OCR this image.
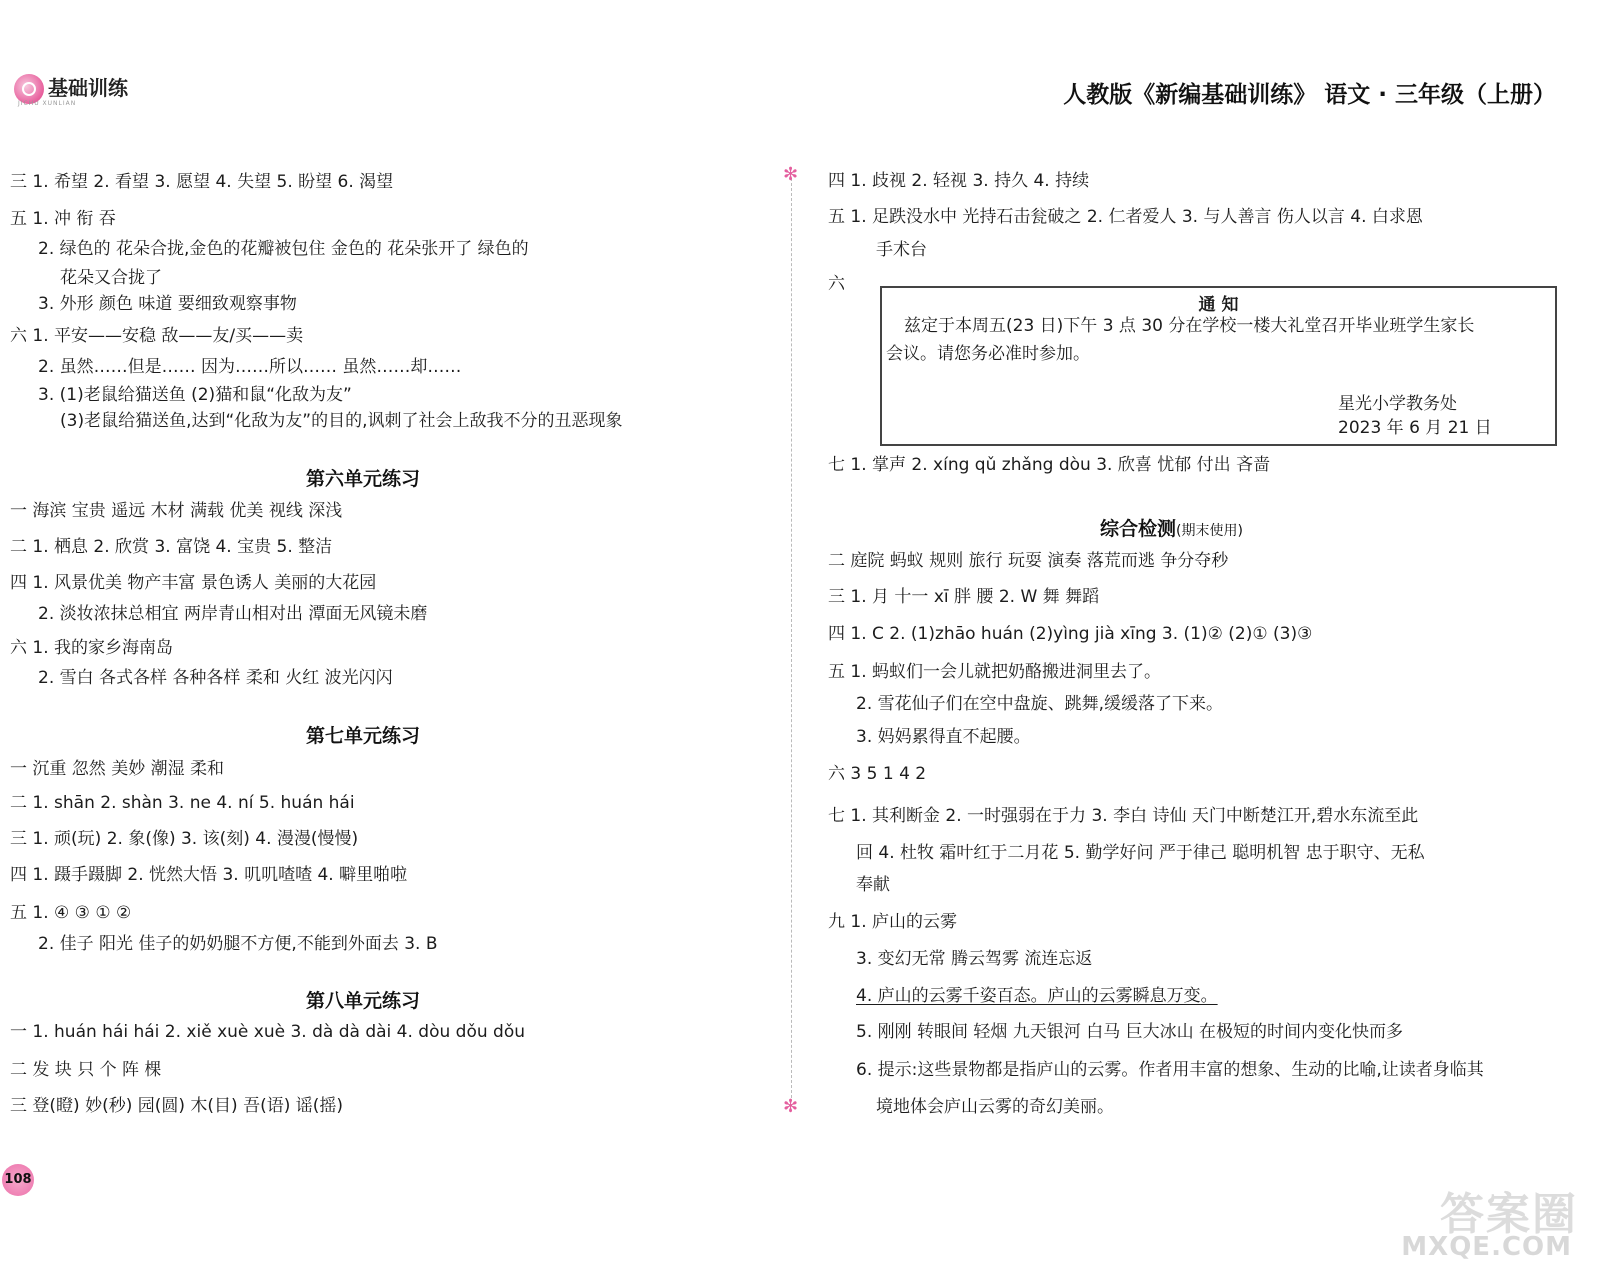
基础训练
JICHU XUNLIAN	人教版《新编基础训练》 语文 · 三年级（上册）
三 1. 希望 2. 看望 3. 愿望 4. 失望 5. 盼望 6. 渴望
五 1. 冲 衔 吞
2. 绿色的 花朵合拢,金色的花瓣被包住 金色的 花朵张开了 绿色的
花朵又合拢了
3. 外形 颜色 味道 要细致观察事物
六 1. 平安——安稳 敌——友/买——卖
2. 虽然……但是…… 因为……所以…… 虽然……却……
3. (1)老鼠给猫送鱼 (2)猫和鼠“化敌为友”
(3)老鼠给猫送鱼,达到“化敌为友”的目的,讽刺了社会上敌我不分的丑恶现象
第六单元练习
一 海滨 宝贵 遥远 木材 满载 优美 视线 深浅
二 1. 栖息 2. 欣赏 3. 富饶 4. 宝贵 5. 整洁
四 1. 风景优美 物产丰富 景色诱人 美丽的大花园
2. 淡妆浓抹总相宜 两岸青山相对出 潭面无风镜未磨
六 1. 我的家乡海南岛
2. 雪白 各式各样 各种各样 柔和 火红 波光闪闪
第七单元练习
一 沉重 忽然 美妙 潮湿 柔和
二 1. shān 2. shàn 3. ne 4. ní 5. huán hái
三 1. 顽(玩) 2. 象(像) 3. 该(刻) 4. 漫漫(慢慢)
四 1. 蹑手蹑脚 2. 恍然大悟 3. 叽叽喳喳 4. 噼里啪啦
五 1. ④ ③ ① ②
2. 佳子 阳光 佳子的奶奶腿不方便,不能到外面去 3. B
第八单元练习
一 1. huán hái hái 2. xiě xuè xuè 3. dà dà dài 4. dòu dǒu dǒu
二 发 块 只 个 阵 棵
三 登(瞪) 妙(秒) 园(圆) 木(目) 吾(语) 谣(摇)
✻
✻
四 1. 歧视 2. 轻视 3. 持久 4. 持续
五 1. 足跌没水中 光持石击瓮破之 2. 仁者爱人 3. 与人善言 伤人以言 4. 白求恩
手术台
六
通 知
兹定于本周五(23 日)下午 3 点 30 分在学校一楼大礼堂召开毕业班学生家长
会议。请您务必准时参加。
星光小学教务处
2023 年 6 月 21 日
七 1. 掌声 2. xíng qǔ zhǎng dòu 3. 欣喜 忧郁 付出 吝啬
综合检测(期末使用)
二 庭院 蚂蚁 规则 旅行 玩耍 演奏 落荒而逃 争分夺秒
三 1. 月 十一 xī 胖 腰 2. W 舞 舞蹈
四 1. C 2. (1)zhāo huán (2)yìng jià xīng 3. (1)② (2)① (3)③
五 1. 蚂蚁们一会儿就把奶酪搬进洞里去了。
2. 雪花仙子们在空中盘旋、跳舞,缓缓落了下来。
3. 妈妈累得直不起腰。
六 3 5 1 4 2
七 1. 其利断金 2. 一时强弱在于力 3. 李白 诗仙 天门中断楚江开,碧水东流至此
回 4. 杜牧 霜叶红于二月花 5. 勤学好问 严于律己 聪明机智 忠于职守、无私
奉献
九 1. 庐山的云雾
3. 变幻无常 腾云驾雾 流连忘返
4. 庐山的云雾千姿百态。庐山的云雾瞬息万变。
5. 刚刚 转眼间 轻烟 九天银河 白马 巨大冰山 在极短的时间内变化快而多
6. 提示:这些景物都是指庐山的云雾。作者用丰富的想象、生动的比喻,让读者身临其
境地体会庐山云雾的奇幻美丽。
108
答案圈
MXQE.COM
